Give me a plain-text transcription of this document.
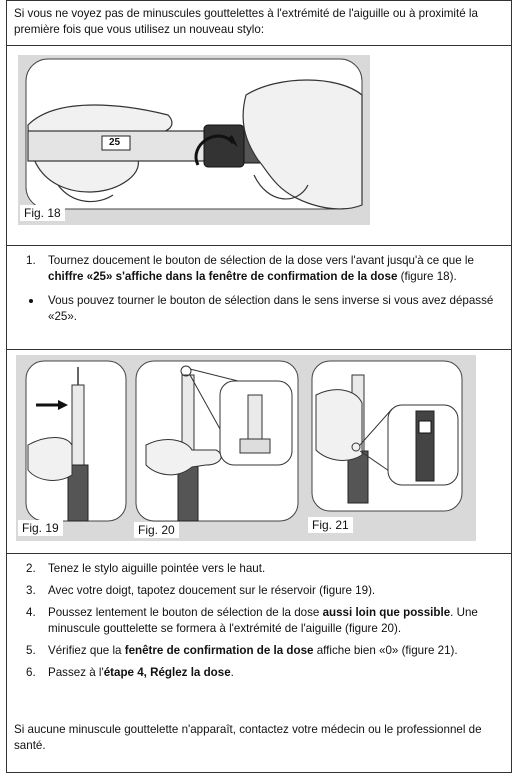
Si vous ne voyez pas de minuscules gouttelettes à l'extrémité de l'aiguille ou à proximité la première fois que vous utilisez un nouveau stylo:
Fig. 18
25
1. Tournez doucement le bouton de sélection de la dose vers l'avant jusqu'à ce que le chiffre «25» s'affiche dans la fenêtre de confirmation de la dose (figure 18).
Vous pouvez tourner le bouton de sélection dans le sens inverse si vous avez dépassé «25».
Fig. 19	Fig. 20	Fig. 21
2. Tenez le stylo aiguille pointée vers le haut.
3. Avec votre doigt, tapotez doucement sur le réservoir (figure 19).
4. Poussez lentement le bouton de sélection de la dose aussi loin que possible. Une minuscule gouttelette se formera à l'extrémité de l'aiguille (figure 20).
5. Vérifiez que la fenêtre de confirmation de la dose affiche bien «0» (figure 21).
6. Passez à l'étape 4, Réglez la dose.
Si aucune minuscule gouttelette n'apparaît, contactez votre médecin ou le professionnel de santé.
